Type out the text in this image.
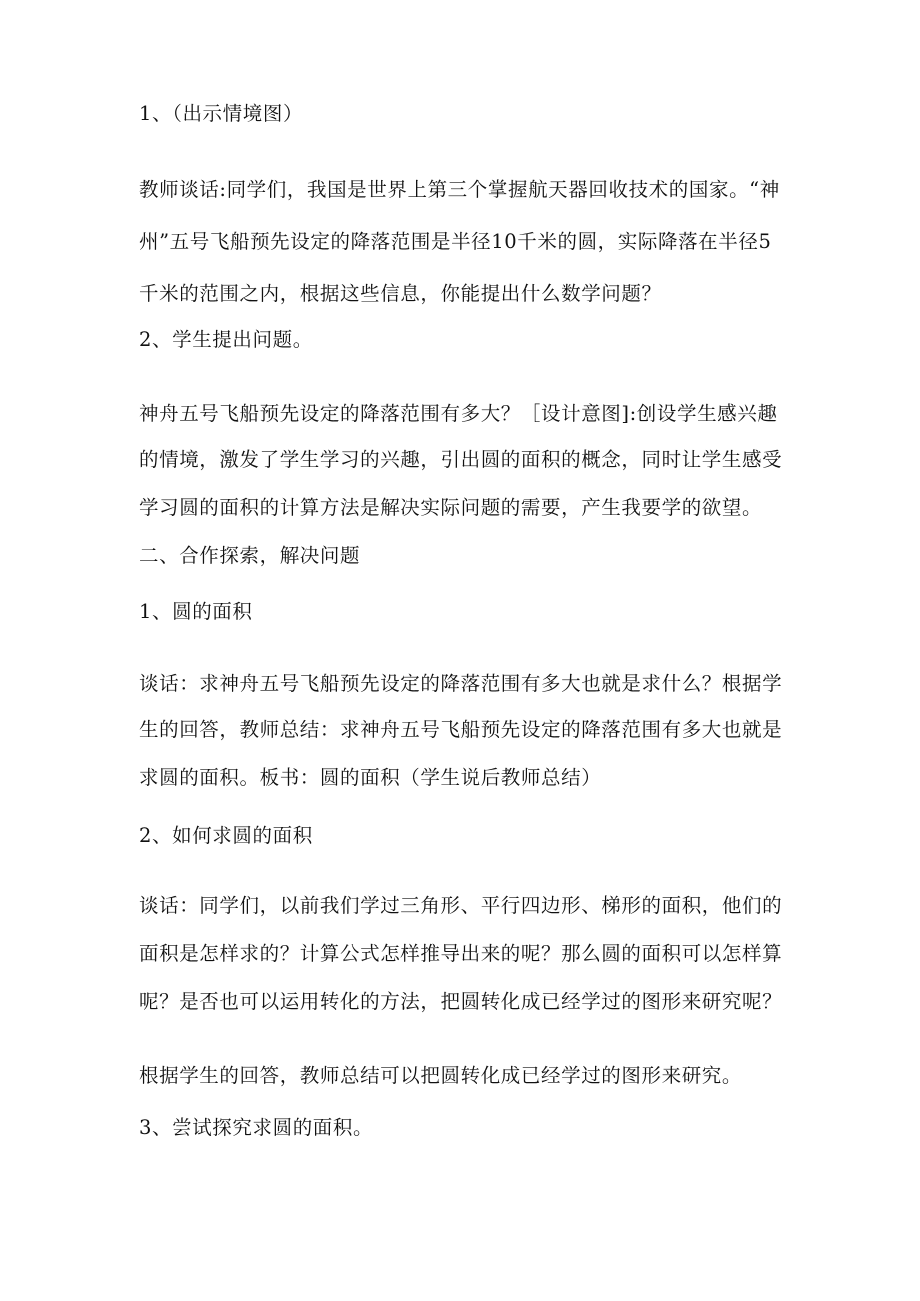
1、（出示情境图）
教师谈话:同学们，我国是世界上第三个掌握航天器回收技术的国家。“神
州”五号飞船预先设定的降落范围是半径10千米的圆，实际降落在半径5
千米的范围之内，根据这些信息，你能提出什么数学问题？
2、学生提出问题。
神舟五号飞船预先设定的降落范围有多大？［设计意图]:创设学生感兴趣
的情境，激发了学生学习的兴趣，引出圆的面积的概念，同时让学生感受
学习圆的面积的计算方法是解决实际问题的需要，产生我要学的欲望。
二、合作探索，解决问题
1、圆的面积
谈话：求神舟五号飞船预先设定的降落范围有多大也就是求什么？根据学
生的回答，教师总结：求神舟五号飞船预先设定的降落范围有多大也就是
求圆的面积。板书：圆的面积（学生说后教师总结）
2、如何求圆的面积
谈话：同学们，以前我们学过三角形、平行四边形、梯形的面积，他们的
面积是怎样求的？计算公式怎样推导出来的呢？那么圆的面积可以怎样算
呢？是否也可以运用转化的方法，把圆转化成已经学过的图形来研究呢？
根据学生的回答，教师总结可以把圆转化成已经学过的图形来研究。
3、尝试探究求圆的面积。
